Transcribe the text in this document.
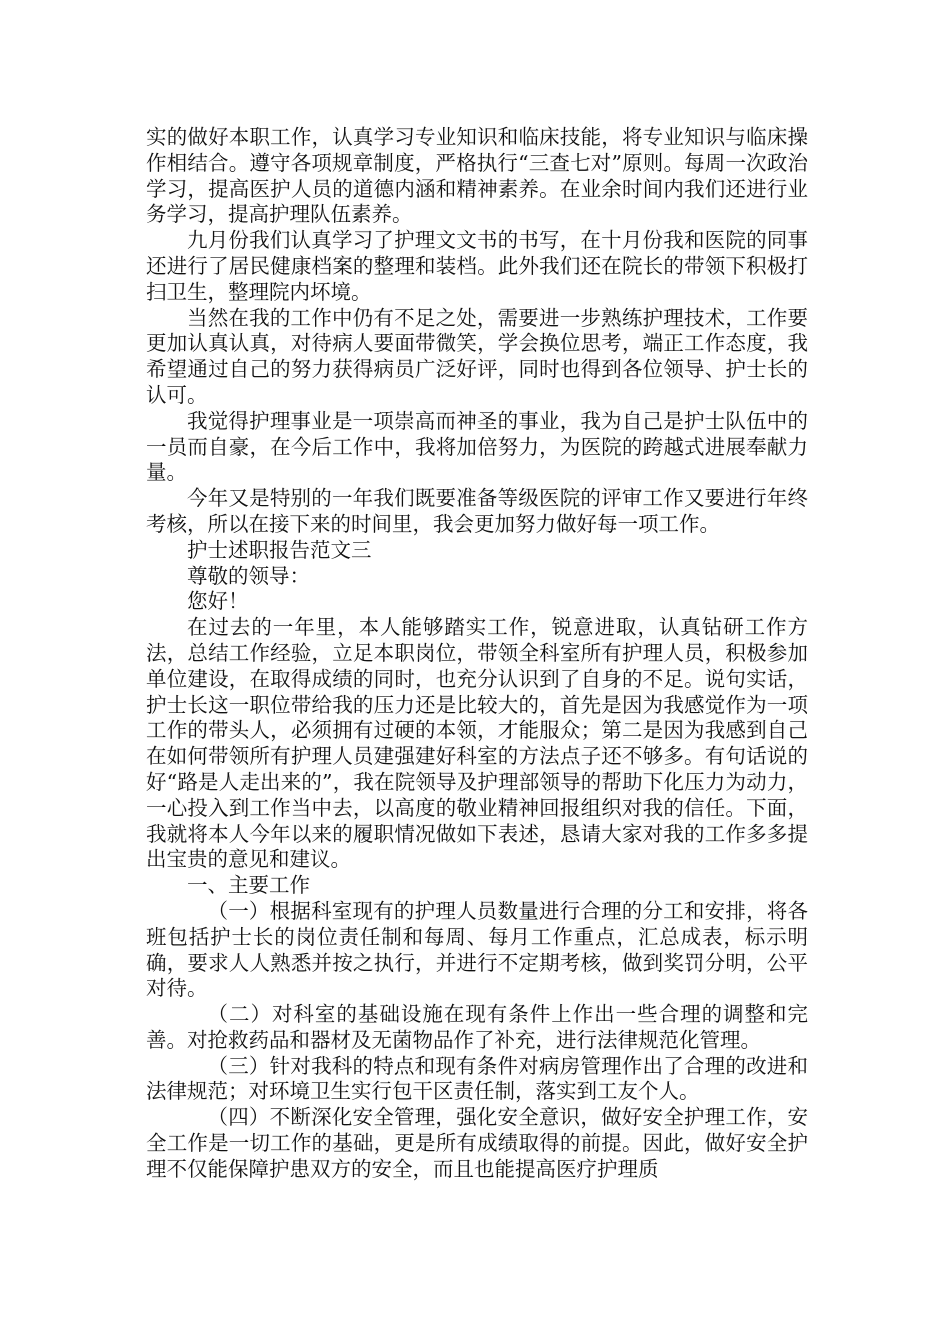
实的做好本职工作，认真学习专业知识和临床技能，将专业知识与临床操作相结合。遵守各项规章制度，严格执行“三查七对”原则。每周一次政治学习，提高医护人员的道德内涵和精神素养。在业余时间内我们还进行业务学习，提高护理队伍素养。

九月份我们认真学习了护理文文书的书写，在十月份我和医院的同事还进行了居民健康档案的整理和装档。此外我们还在院长的带领下积极打扫卫生，整理院内坏境。

当然在我的工作中仍有不足之处，需要进一步熟练护理技术，工作要更加认真认真，对待病人要面带微笑，学会换位思考，端正工作态度，我希望通过自己的努力获得病员广泛好评，同时也得到各位领导、护士长的认可。

我觉得护理事业是一项崇高而神圣的事业，我为自己是护士队伍中的一员而自豪，在今后工作中，我将加倍努力，为医院的跨越式进展奉献力量。

今年又是特别的一年我们既要准备等级医院的评审工作又要进行年终考核，所以在接下来的时间里，我会更加努力做好每一项工作。

护士述职报告范文三

尊敬的领导：

您好！

在过去的一年里，本人能够踏实工作，锐意进取，认真钻研工作方法，总结工作经验，立足本职岗位，带领全科室所有护理人员，积极参加单位建设，在取得成绩的同时，也充分认识到了自身的不足。说句实话，护士长这一职位带给我的压力还是比较大的，首先是因为我感觉作为一项工作的带头人，必须拥有过硬的本领，才能服众；第二是因为我感到自己在如何带领所有护理人员建强建好科室的方法点子还不够多。有句话说的好“路是人走出来的”，我在院领导及护理部领导的帮助下化压力为动力，一心投入到工作当中去，以高度的敬业精神回报组织对我的信任。下面，我就将本人今年以来的履职情况做如下表述，恳请大家对我的工作多多提出宝贵的意见和建议。

一、主要工作

（一）根据科室现有的护理人员数量进行合理的分工和安排，将各班包括护士长的岗位责任制和每周、每月工作重点，汇总成表，标示明确，要求人人熟悉并按之执行，并进行不定期考核，做到奖罚分明，公平对待。

（二）对科室的基础设施在现有条件上作出一些合理的调整和完善。对抢救药品和器材及无菌物品作了补充，进行法律规范化管理。

（三）针对我科的特点和现有条件对病房管理作出了合理的改进和法律规范；对环境卫生实行包干区责任制，落实到工友个人。

（四）不断深化安全管理，强化安全意识，做好安全护理工作，安全工作是一切工作的基础，更是所有成绩取得的前提。因此，做好安全护理不仅能保障护患双方的安全，而且也能提高医疗护理质
